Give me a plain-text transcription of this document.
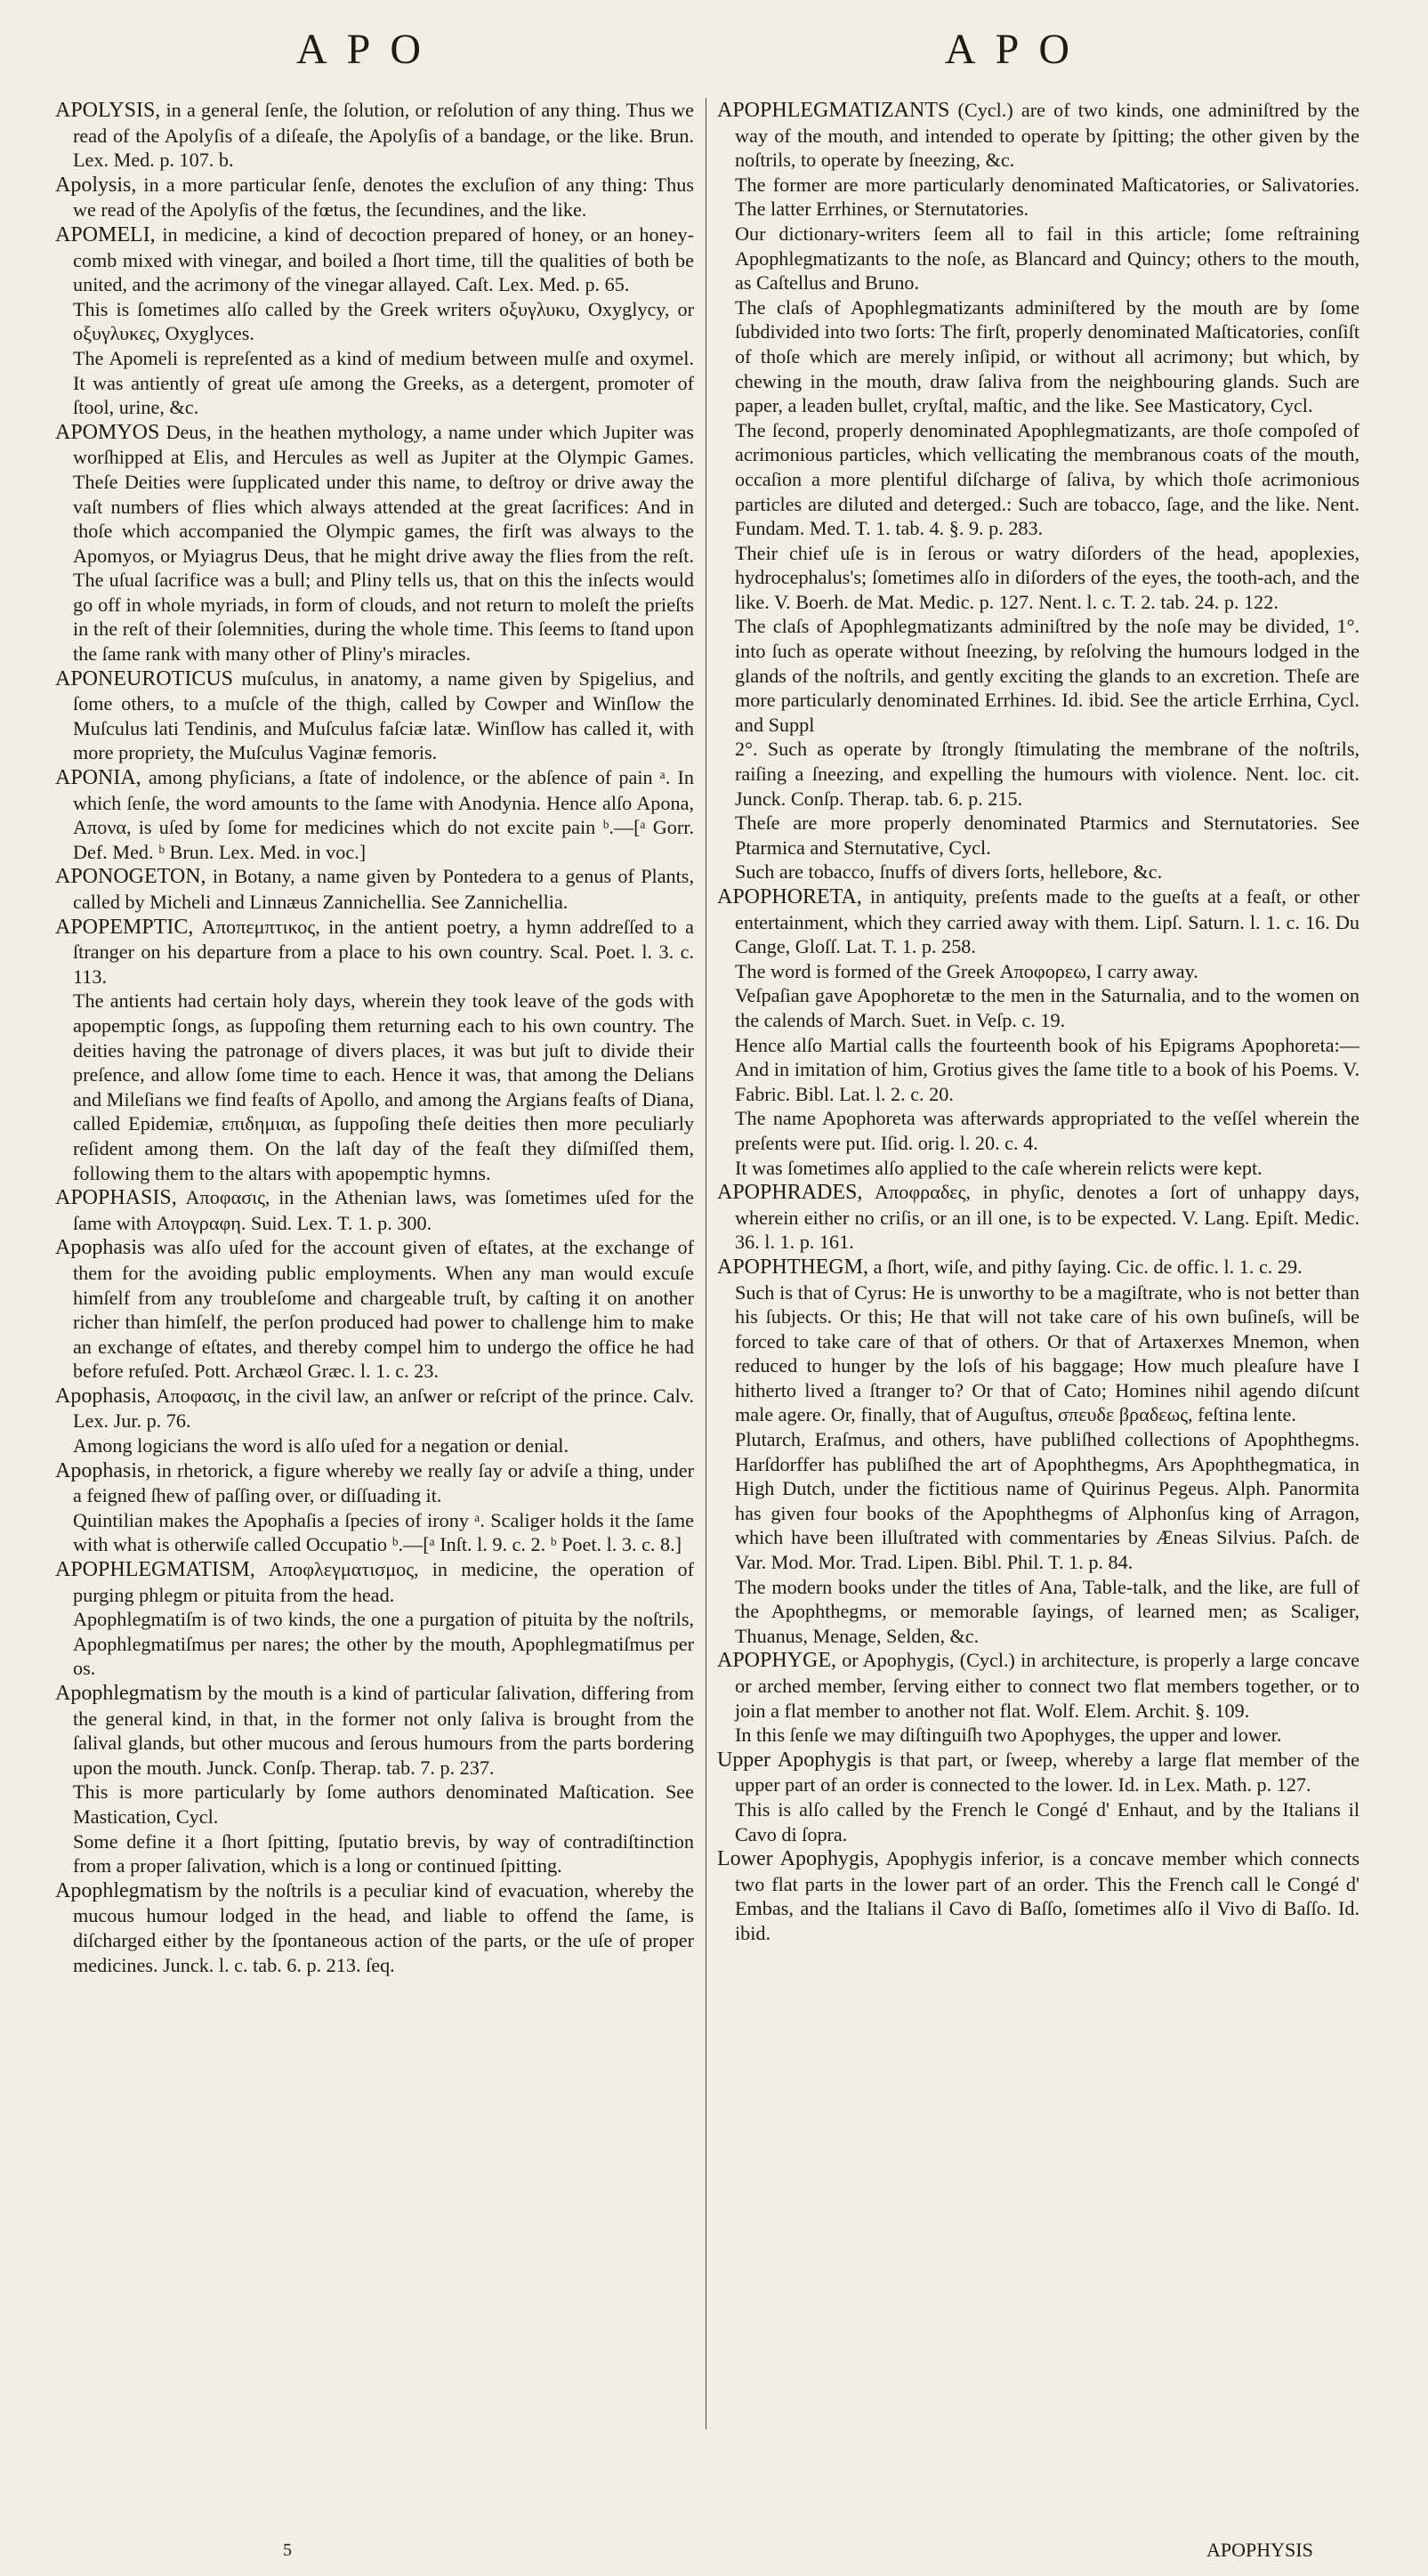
APO	APO

APOLYSIS, in a general ſenſe, the ſolution, or reſolution of any thing. Thus we read of the Apolyſis of a diſeaſe, the Apolyſis of a bandage, or the like. Brun. Lex. Med. p. 107. b.

Apolysis, in a more particular ſenſe, denotes the excluſion of any thing: Thus we read of the Apolyſis of the fœtus, the ſecundines, and the like.

APOMELI, in medicine, a kind of decoction prepared of honey, or an honey-comb mixed with vinegar, and boiled a ſhort time, till the qualities of both be united, and the acrimony of the vinegar allayed. Caſt. Lex. Med. p. 65.

This is ſometimes alſo called by the Greek writers οξυγλυκυ, Oxyglycy, or οξυγλυκες, Oxyglyces.

The Apomeli is repreſented as a kind of medium between mulſe and oxymel. It was antiently of great uſe among the Greeks, as a detergent, promoter of ſtool, urine, &c.

APOMYOS Deus, in the heathen mythology, a name under which Jupiter was worſhipped at Elis, and Hercules as well as Jupiter at the Olympic Games. Theſe Deities were ſupplicated under this name, to deſtroy or drive away the vaſt numbers of flies which always attended at the great ſacrifices: And in thoſe which accompanied the Olympic games, the firſt was always to the Apomyos, or Myiagrus Deus, that he might drive away the flies from the reſt. The uſual ſacrifice was a bull; and Pliny tells us, that on this the inſects would go off in whole myriads, in form of clouds, and not return to moleſt the prieſts in the reſt of their ſolemnities, during the whole time. This ſeems to ſtand upon the ſame rank with many other of Pliny's miracles.

APONEUROTICUS muſculus, in anatomy, a name given by Spigelius, and ſome others, to a muſcle of the thigh, called by Cowper and Winſlow the Muſculus lati Tendinis, and Muſculus faſciæ latæ. Winſlow has called it, with more propriety, the Muſculus Vaginæ femoris.

APONIA, among phyſicians, a ſtate of indolence, or the abſence of pain ᵃ. In which ſenſe, the word amounts to the ſame with Anodynia. Hence alſo Apona, Απονα, is uſed by ſome for medicines which do not excite pain ᵇ.—[ᵃ Gorr. Def. Med. ᵇ Brun. Lex. Med. in voc.]

APONOGETON, in Botany, a name given by Pontedera to a genus of Plants, called by Micheli and Linnæus Zannichellia. See Zannichellia.

APOPEMPTIC, Αποπεμπτικος, in the antient poetry, a hymn addreſſed to a ſtranger on his departure from a place to his own country. Scal. Poet. l. 3. c. 113.

The antients had certain holy days, wherein they took leave of the gods with apopemptic ſongs, as ſuppoſing them returning each to his own country. The deities having the patronage of divers places, it was but juſt to divide their preſence, and allow ſome time to each. Hence it was, that among the Delians and Mileſians we find feaſts of Apollo, and among the Argians feaſts of Diana, called Epidemiæ, επιδημιαι, as ſuppoſing theſe deities then more peculiarly reſident among them. On the laſt day of the feaſt they diſmiſſed them, following them to the altars with apopemptic hymns.

APOPHASIS, Αποφασις, in the Athenian laws, was ſometimes uſed for the ſame with Απογραφη. Suid. Lex. T. 1. p. 300.

Apophasis was alſo uſed for the account given of eſtates, at the exchange of them for the avoiding public employments. When any man would excuſe himſelf from any troubleſome and chargeable truſt, by caſting it on another richer than himſelf, the perſon produced had power to challenge him to make an exchange of eſtates, and thereby compel him to undergo the office he had before refuſed. Pott. Archæol Græc. l. 1. c. 23.

Apophasis, Αποφασις, in the civil law, an anſwer or reſcript of the prince. Calv. Lex. Jur. p. 76.

Among logicians the word is alſo uſed for a negation or denial.

Apophasis, in rhetorick, a figure whereby we really ſay or adviſe a thing, under a feigned ſhew of paſſing over, or diſſuading it.

Quintilian makes the Apophaſis a ſpecies of irony ᵃ. Scaliger holds it the ſame with what is otherwiſe called Occupatio ᵇ.—[ᵃ Inſt. l. 9. c. 2. ᵇ Poet. l. 3. c. 8.]

APOPHLEGMATISM, Αποφλεγματισμος, in medicine, the operation of purging phlegm or pituita from the head.

Apophlegmatiſm is of two kinds, the one a purgation of pituita by the noſtrils, Apophlegmatiſmus per nares; the other by the mouth, Apophlegmatiſmus per os.

Apophlegmatism by the mouth is a kind of particular ſalivation, differing from the general kind, in that, in the former not only ſaliva is brought from the ſalival glands, but other mucous and ſerous humours from the parts bordering upon the mouth. Junck. Conſp. Therap. tab. 7. p. 237.

This is more particularly by ſome authors denominated Maſtication. See Mastication, Cycl.

Some define it a ſhort ſpitting, ſputatio brevis, by way of contradiſtinction from a proper ſalivation, which is a long or continued ſpitting.

Apophlegmatism by the noſtrils is a peculiar kind of evacuation, whereby the mucous humour lodged in the head, and liable to offend the ſame, is diſcharged either by the ſpontaneous action of the parts, or the uſe of proper medicines. Junck. l. c. tab. 6. p. 213. ſeq.

APOPHLEGMATIZANTS (Cycl.) are of two kinds, one adminiſtred by the way of the mouth, and intended to operate by ſpitting; the other given by the noſtrils, to operate by ſneezing, &c.

The former are more particularly denominated Maſticatories, or Salivatories. The latter Errhines, or Sternutatories.

Our dictionary-writers ſeem all to fail in this article; ſome reſtraining Apophlegmatizants to the noſe, as Blancard and Quincy; others to the mouth, as Caſtellus and Bruno.

The claſs of Apophlegmatizants adminiſtered by the mouth are by ſome ſubdivided into two ſorts: The firſt, properly denominated Maſticatories, conſiſt of thoſe which are merely inſipid, or without all acrimony; but which, by chewing in the mouth, draw ſaliva from the neighbouring glands. Such are paper, a leaden bullet, cryſtal, maſtic, and the like. See Masticatory, Cycl.

The ſecond, properly denominated Apophlegmatizants, are thoſe compoſed of acrimonious particles, which vellicating the membranous coats of the mouth, occaſion a more plentiful diſcharge of ſaliva, by which thoſe acrimonious particles are diluted and deterged.: Such are tobacco, ſage, and the like. Nent. Fundam. Med. T. 1. tab. 4. §. 9. p. 283.

Their chief uſe is in ſerous or watry diſorders of the head, apoplexies, hydrocephalus's; ſometimes alſo in diſorders of the eyes, the tooth-ach, and the like. V. Boerh. de Mat. Medic. p. 127. Nent. l. c. T. 2. tab. 24. p. 122.

The claſs of Apophlegmatizants adminiſtred by the noſe may be divided, 1°. into ſuch as operate without ſneezing, by reſolving the humours lodged in the glands of the noſtrils, and gently exciting the glands to an excretion. Theſe are more particularly denominated Errhines. Id. ibid. See the article Errhina, Cycl. and Suppl

2°. Such as operate by ſtrongly ſtimulating the membrane of the noſtrils, raiſing a ſneezing, and expelling the humours with violence. Nent. loc. cit. Junck. Conſp. Therap. tab. 6. p. 215.

Theſe are more properly denominated Ptarmics and Sternutatories. See Ptarmica and Sternutative, Cycl.

Such are tobacco, ſnuffs of divers ſorts, hellebore, &c.

APOPHORETA, in antiquity, preſents made to the gueſts at a feaſt, or other entertainment, which they carried away with them. Lipſ. Saturn. l. 1. c. 16. Du Cange, Gloſſ. Lat. T. 1. p. 258.

The word is formed of the Greek Αποφορεω, I carry away.

Veſpaſian gave Apophoretæ to the men in the Saturnalia, and to the women on the calends of March. Suet. in Veſp. c. 19.

Hence alſo Martial calls the fourteenth book of his Epigrams Apophoreta:—And in imitation of him, Grotius gives the ſame title to a book of his Poems. V. Fabric. Bibl. Lat. l. 2. c. 20.

The name Apophoreta was afterwards appropriated to the veſſel wherein the preſents were put. Iſid. orig. l. 20. c. 4.

It was ſometimes alſo applied to the caſe wherein relicts were kept.

APOPHRADES, Αποφραδες, in phyſic, denotes a ſort of unhappy days, wherein either no criſis, or an ill one, is to be expected. V. Lang. Epiſt. Medic. 36. l. 1. p. 161.

APOPHTHEGM, a ſhort, wiſe, and pithy ſaying. Cic. de offic. l. 1. c. 29.

Such is that of Cyrus: He is unworthy to be a magiſtrate, who is not better than his ſubjects. Or this; He that will not take care of his own buſineſs, will be forced to take care of that of others. Or that of Artaxerxes Mnemon, when reduced to hunger by the loſs of his baggage; How much pleaſure have I hitherto lived a ſtranger to? Or that of Cato; Homines nihil agendo diſcunt male agere. Or, finally, that of Auguſtus, σπευδε βραδεως, feſtina lente.

Plutarch, Eraſmus, and others, have publiſhed collections of Apophthegms. Harſdorffer has publiſhed the art of Apophthegms, Ars Apophthegmatica, in High Dutch, under the fictitious name of Quirinus Pegeus. Alph. Panormita has given four books of the Apophthegms of Alphonſus king of Arragon, which have been illuſtrated with commentaries by Æneas Silvius. Paſch. de Var. Mod. Mor. Trad. Lipen. Bibl. Phil. T. 1. p. 84.

The modern books under the titles of Ana, Table-talk, and the like, are full of the Apophthegms, or memorable ſayings, of learned men; as Scaliger, Thuanus, Menage, Selden, &c.

APOPHYGE, or Apophygis, (Cycl.) in architecture, is properly a large concave or arched member, ſerving either to connect two flat members together, or to join a flat member to another not flat. Wolf. Elem. Archit. §. 109.

In this ſenſe we may diſtinguiſh two Apophyges, the upper and lower.

Upper Apophygis is that part, or ſweep, whereby a large flat member of the upper part of an order is connected to the lower. Id. in Lex. Math. p. 127.

This is alſo called by the French le Congé d' Enhaut, and by the Italians il Cavo di ſopra.

Lower Apophygis, Apophygis inferior, is a concave member which connects two flat parts in the lower part of an order. This the French call le Congé d' Embas, and the Italians il Cavo di Baſſo, ſometimes alſo il Vivo di Baſſo. Id. ibid.

5	APOPHYSIS
